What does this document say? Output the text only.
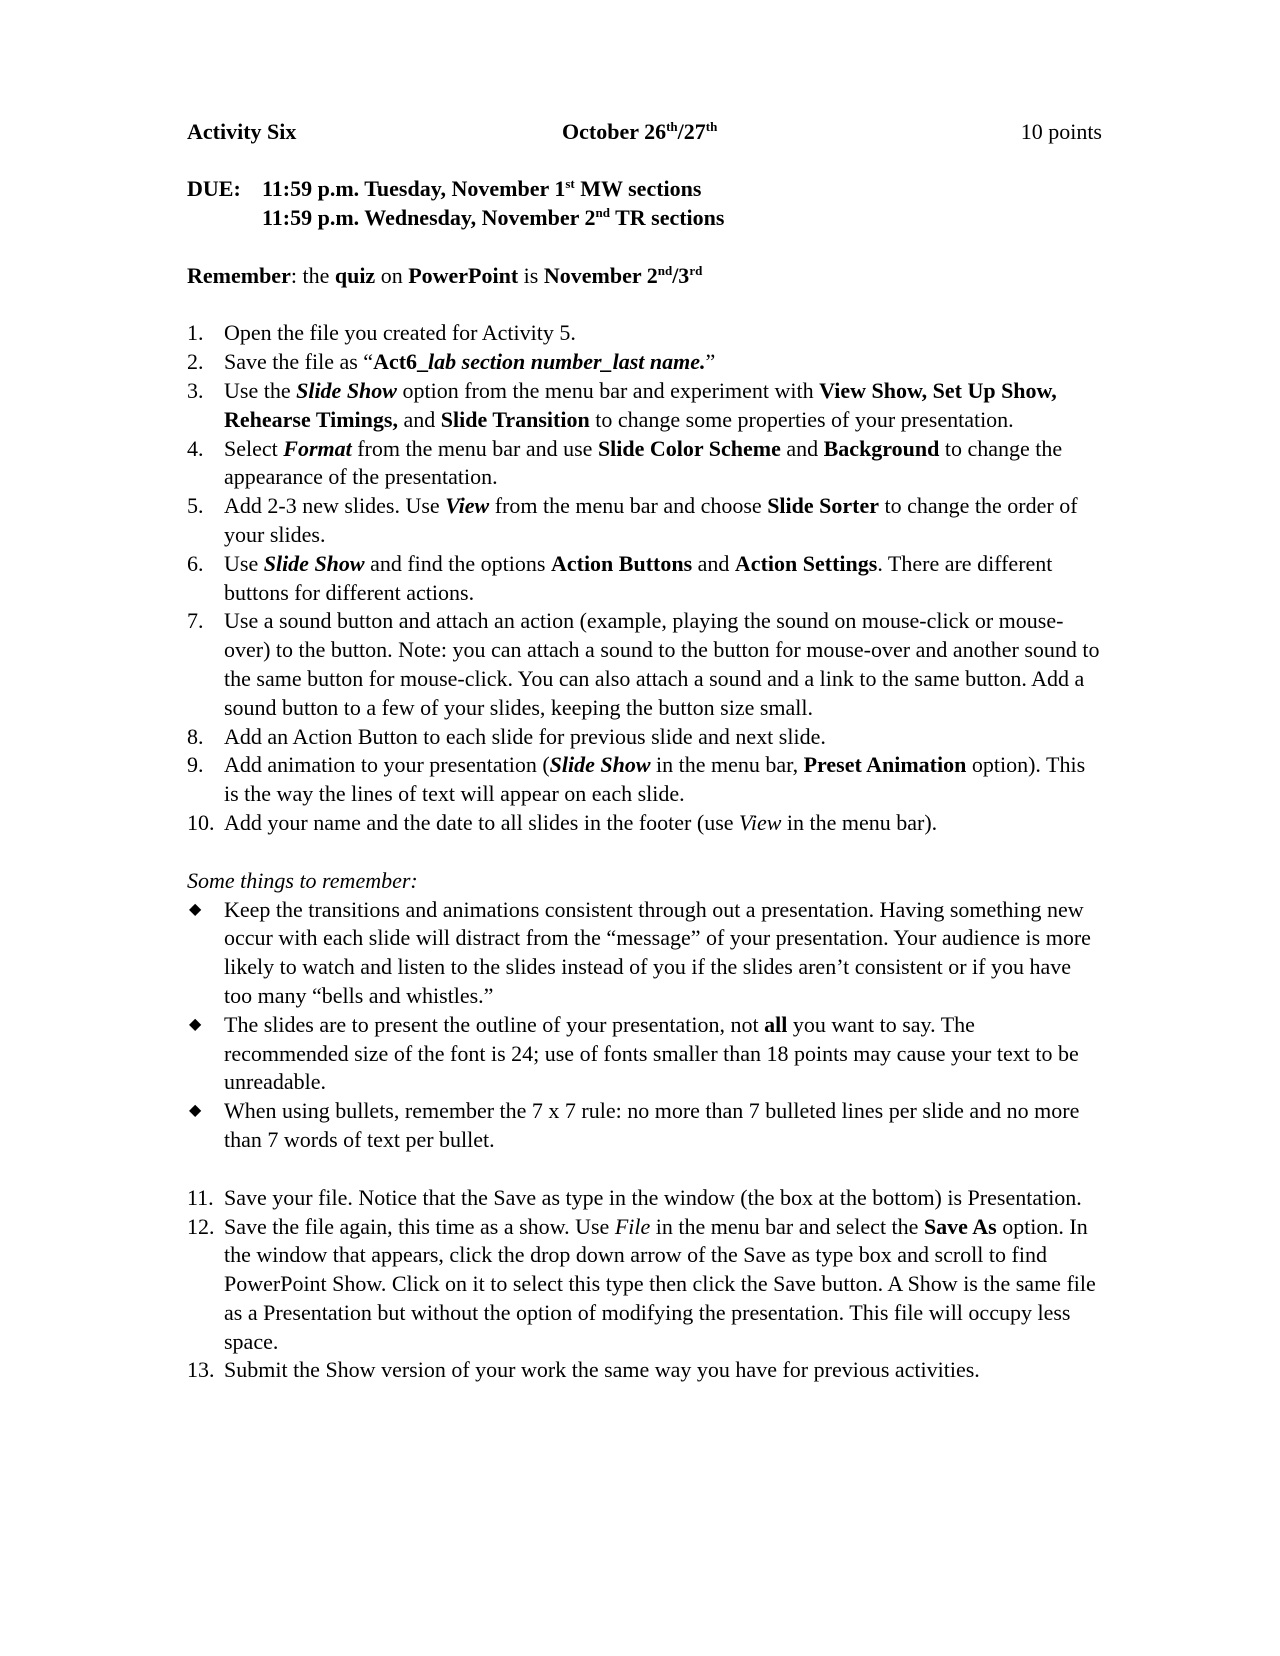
Activity Six	October 26th/27th	10 points
DUE: 11:59 p.m. Tuesday, November 1st MW sections
11:59 p.m. Wednesday, November 2nd TR sections
Remember: the quiz on PowerPoint is November 2nd/3rd
1. Open the file you created for Activity 5.
2. Save the file as “Act6_lab section number_last name.”
3. Use the Slide Show option from the menu bar and experiment with View Show, Set Up Show, Rehearse Timings, and Slide Transition to change some properties of your presentation.
4. Select Format from the menu bar and use Slide Color Scheme and Background to change the appearance of the presentation.
5. Add 2-3 new slides. Use View from the menu bar and choose Slide Sorter to change the order of your slides.
6. Use Slide Show and find the options Action Buttons and Action Settings. There are different buttons for different actions.
7. Use a sound button and attach an action (example, playing the sound on mouse-click or mouse-over) to the button. Note: you can attach a sound to the button for mouse-over and another sound to the same button for mouse-click. You can also attach a sound and a link to the same button. Add a sound button to a few of your slides, keeping the button size small.
8. Add an Action Button to each slide for previous slide and next slide.
9. Add animation to your presentation (Slide Show in the menu bar, Preset Animation option). This is the way the lines of text will appear on each slide.
10. Add your name and the date to all slides in the footer (use View in the menu bar).
Some things to remember:
◆ Keep the transitions and animations consistent through out a presentation. Having something new occur with each slide will distract from the “message” of your presentation. Your audience is more likely to watch and listen to the slides instead of you if the slides aren’t consistent or if you have too many “bells and whistles.”
◆ The slides are to present the outline of your presentation, not all you want to say. The recommended size of the font is 24; use of fonts smaller than 18 points may cause your text to be unreadable.
◆ When using bullets, remember the 7 x 7 rule: no more than 7 bulleted lines per slide and no more than 7 words of text per bullet.
11. Save your file. Notice that the Save as type in the window (the box at the bottom) is Presentation.
12. Save the file again, this time as a show. Use File in the menu bar and select the Save As option. In the window that appears, click the drop down arrow of the Save as type box and scroll to find PowerPoint Show. Click on it to select this type then click the Save button. A Show is the same file as a Presentation but without the option of modifying the presentation. This file will occupy less space.
13. Submit the Show version of your work the same way you have for previous activities.
